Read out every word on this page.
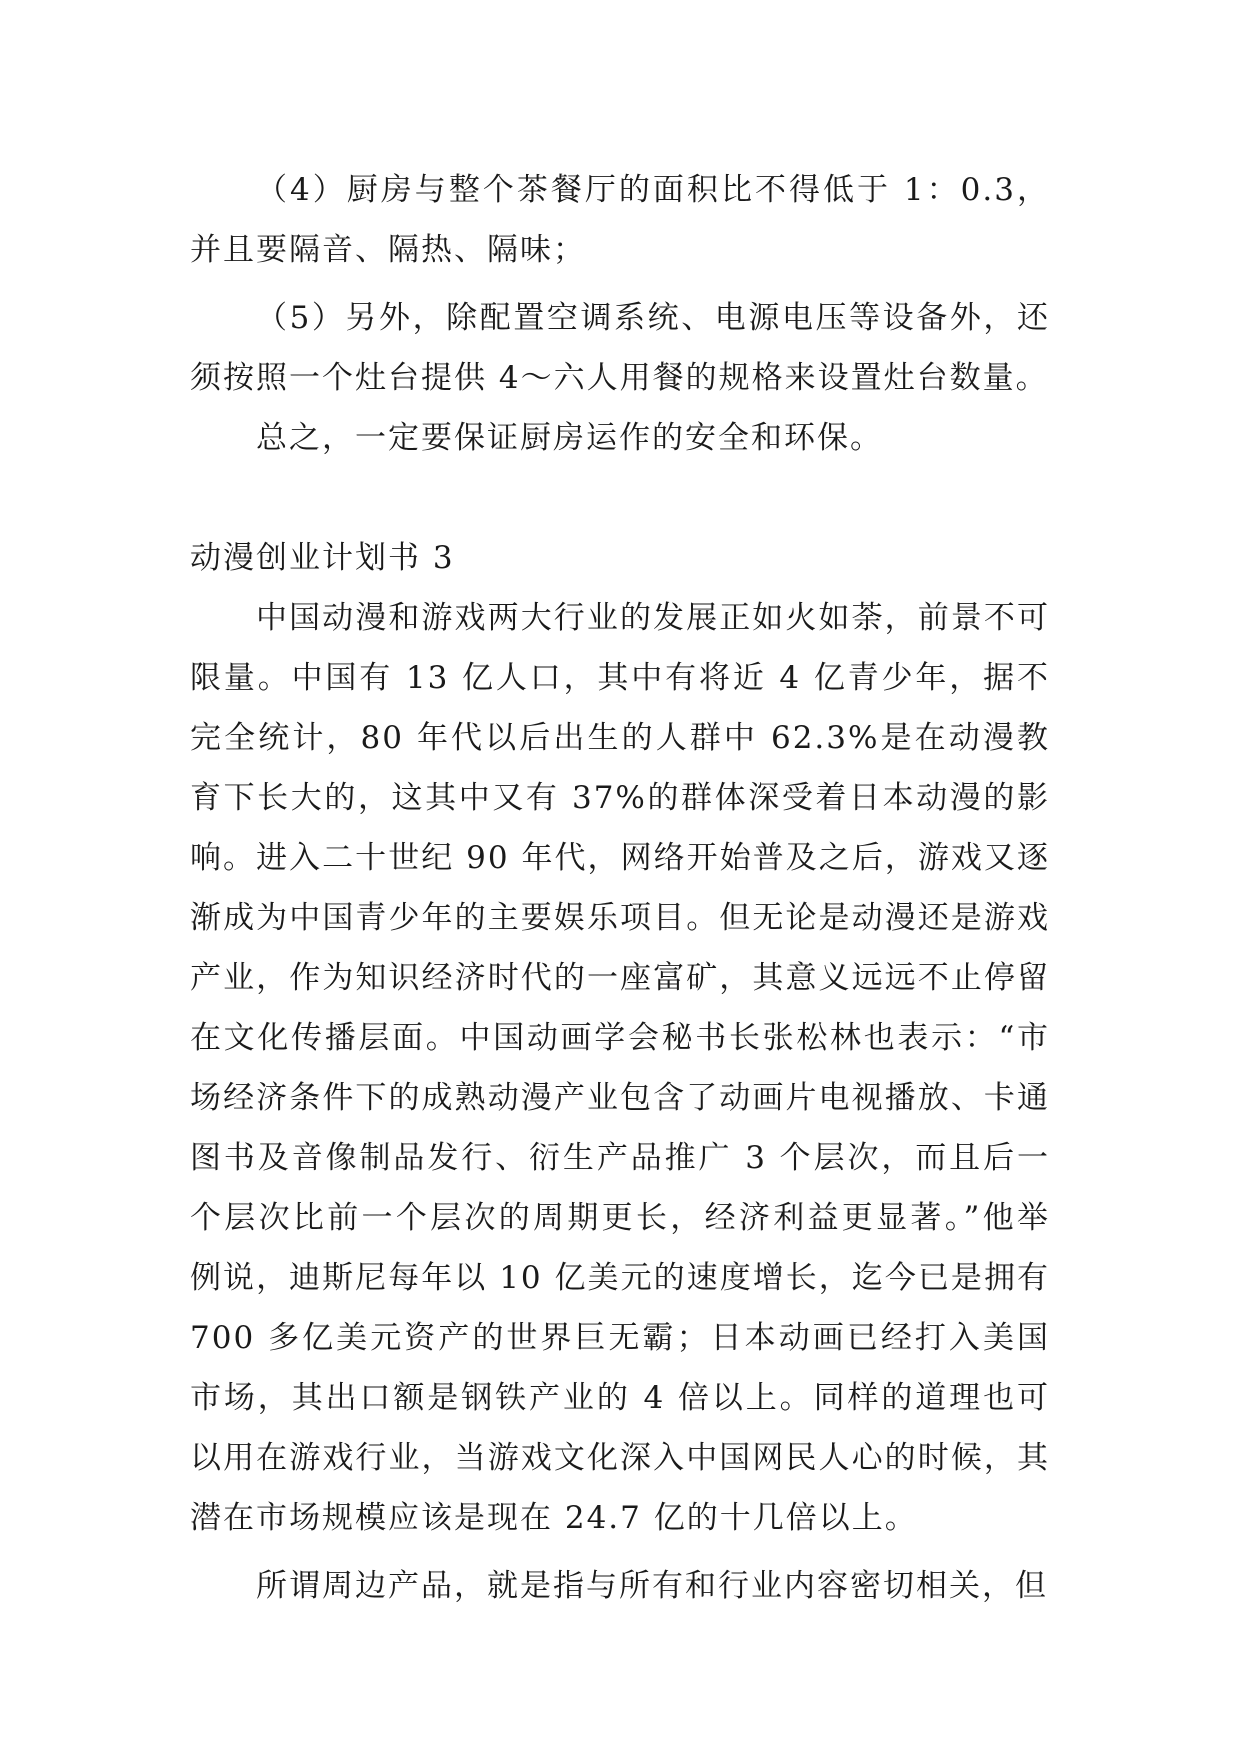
（4）厨房与整个茶餐厅的面积比不得低于 1：0.3，并且要隔音、隔热、隔味；

（5）另外，除配置空调系统、电源电压等设备外，还须按照一个灶台提供 4～六人用餐的规格来设置灶台数量。

总之，一定要保证厨房运作的安全和环保。

动漫创业计划书 3

中国动漫和游戏两大行业的发展正如火如荼，前景不可限量。中国有 13 亿人口，其中有将近 4 亿青少年，据不完全统计，80 年代以后出生的人群中 62.3%是在动漫教育下长大的，这其中又有 37%的群体深受着日本动漫的影响。进入二十世纪 90 年代，网络开始普及之后，游戏又逐渐成为中国青少年的主要娱乐项目。但无论是动漫还是游戏产业，作为知识经济时代的一座富矿，其意义远远不止停留在文化传播层面。中国动画学会秘书长张松林也表示：“市场经济条件下的成熟动漫产业包含了动画片电视播放、卡通图书及音像制品发行、衍生产品推广 3 个层次，而且后一个层次比前一个层次的周期更长，经济利益更显著。”他举例说，迪斯尼每年以 10 亿美元的速度增长，迄今已是拥有 700 多亿美元资产的世界巨无霸；日本动画已经打入美国市场，其出口额是钢铁产业的 4 倍以上。同样的道理也可以用在游戏行业，当游戏文化深入中国网民人心的时候，其潜在市场规模应该是现在 24.7 亿的十几倍以上。

所谓周边产品，就是指与所有和行业内容密切相关，但
